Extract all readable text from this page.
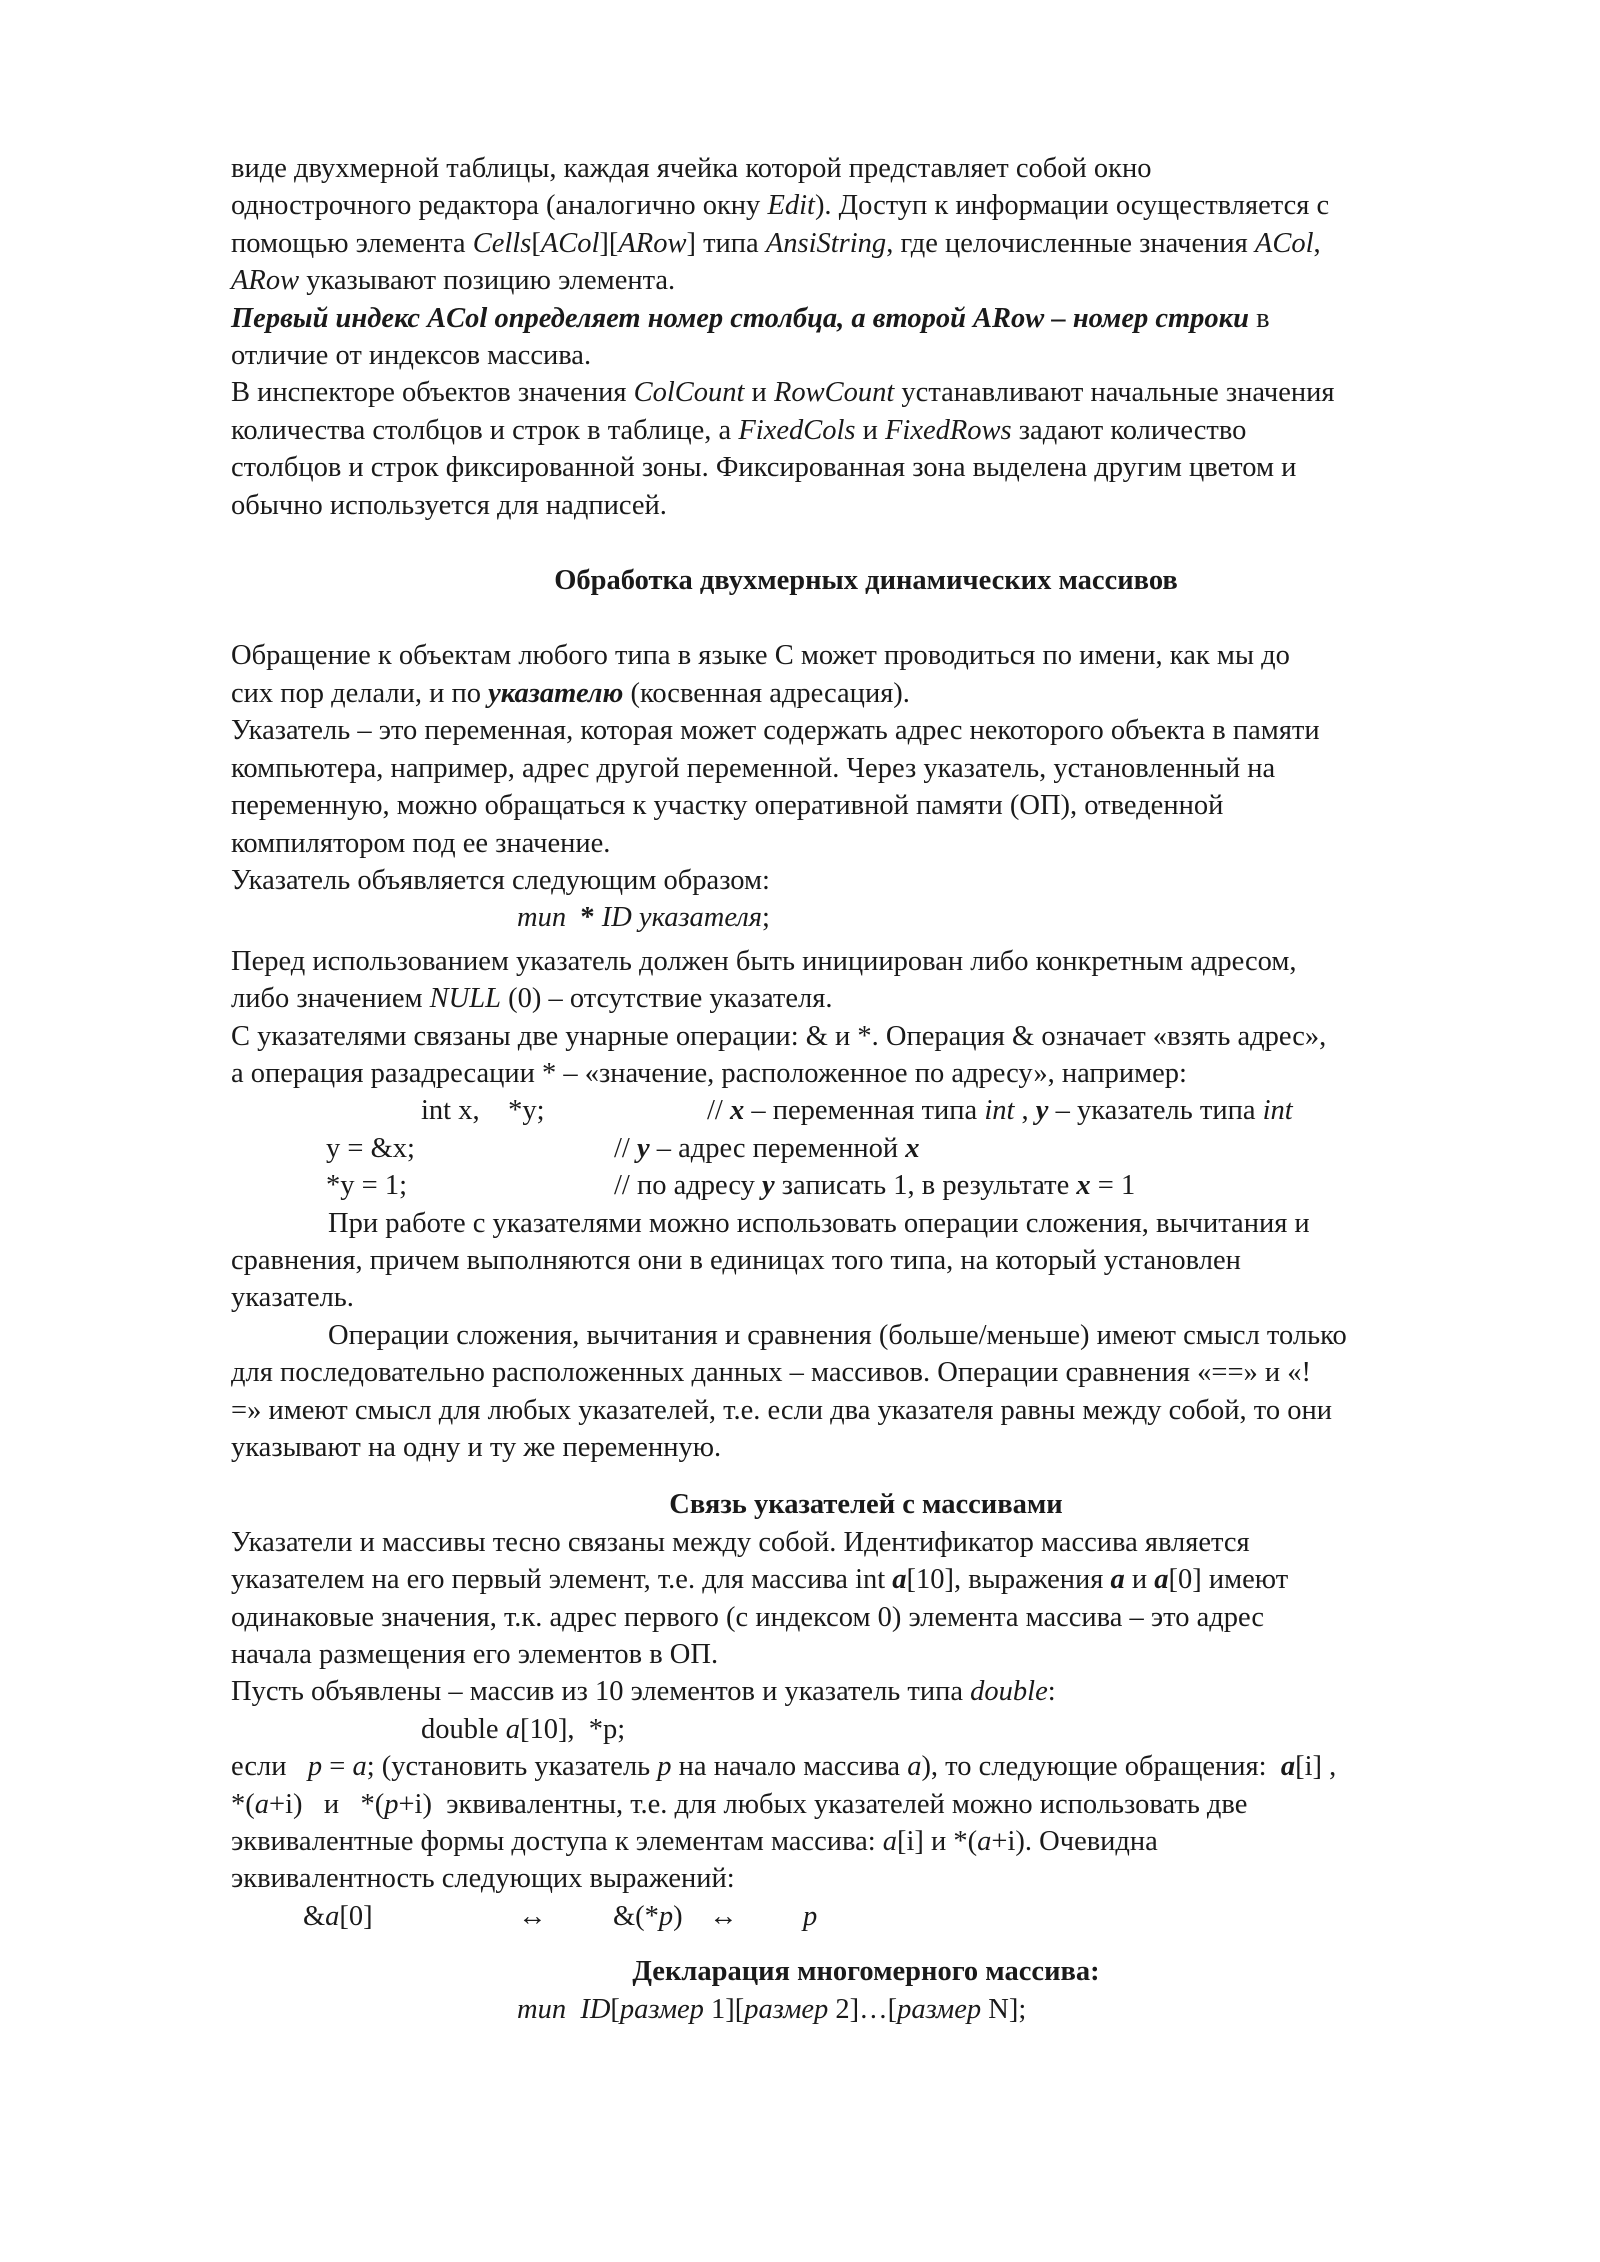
виде двухмерной таблицы, каждая ячейка которой представляет собой окно
однострочного редактора (аналогично окну Edit). Доступ к информации осуществляется с
помощью элемента Cells[ACol][ARow] типа AnsiString, где целочисленные значения ACol,
ARow указывают позицию элемента.
Первый индекс ACol определяет номер столбца, а второй ARow – номер строки в
отличие от индексов массива.
В инспекторе объектов значения ColCount и RowCount устанавливают начальные значения
количества столбцов и строк в таблице, а FixedCols и FixedRows задают количество
столбцов и строк фиксированной зоны. Фиксированная зона выделена другим цветом и
обычно используется для надписей.
Обработка двухмерных динамических массивов
Обращение к объектам любого типа в языке С может проводиться по имени, как мы до
сих пор делали, и по указателю (косвенная адресация).
Указатель – это переменная, которая может содержать адрес некоторого объекта в памяти
компьютера, например, адрес другой переменной. Через указатель, установленный на
переменную, можно обращаться к участку оперативной памяти (ОП), отведенной
компилятором под ее значение.
Указатель объявляется следующим образом:
тип  * ID указателя;
Перед использованием указатель должен быть инициирован либо конкретным адресом,
либо значением NULL (0) – отсутствие указателя.
С указателями связаны две унарные операции: & и *. Операция & означает «взять адрес»,
а операция разадресации * – «значение, расположенное по адресу», например:

int x,    *y;

	// x – переменная типа int , y – указатель типа int

y = &x;

	// y – адрес переменной x

*y = 1;

	// по адресу y записать 1, в результате x = 1

При работе с указателями можно использовать операции сложения, вычитания и
сравнения, причем выполняются они в единицах того типа, на который установлен
указатель.
Операции сложения, вычитания и сравнения (больше/меньше) имеют смысл только
для последовательно расположенных данных – массивов. Операции сравнения «==» и «!
=» имеют смысл для любых указателей, т.е. если два указателя равны между собой, то они
указывают на одну и ту же переменную.
Связь указателей с массивами
Указатели и массивы тесно связаны между собой. Идентификатор массива является
указателем на его первый элемент, т.е. для массива int a[10], выражения a и a[0] имеют
одинаковые значения, т.к. адрес первого (с индексом 0) элемента массива – это адрес
начала размещения его элементов в ОП.
Пусть объявлены – массив из 10 элементов и указатель типа double:
double a[10],  *p;
если   p = a; (установить указатель p на начало массива a), то следующие обращения:  a[i] ,
*(a+i)   и   *(p+i)  эквивалентны, т.е. для любых указателей можно использовать две
эквивалентные формы доступа к элементам массива: a[i] и *(a+i). Очевидна
эквивалентность следующих выражений:

&a[0]

	↔

&(*p)

↔

p

Декларация многомерного массива:
тип  ID[размер 1][размер 2]…[размер N];
